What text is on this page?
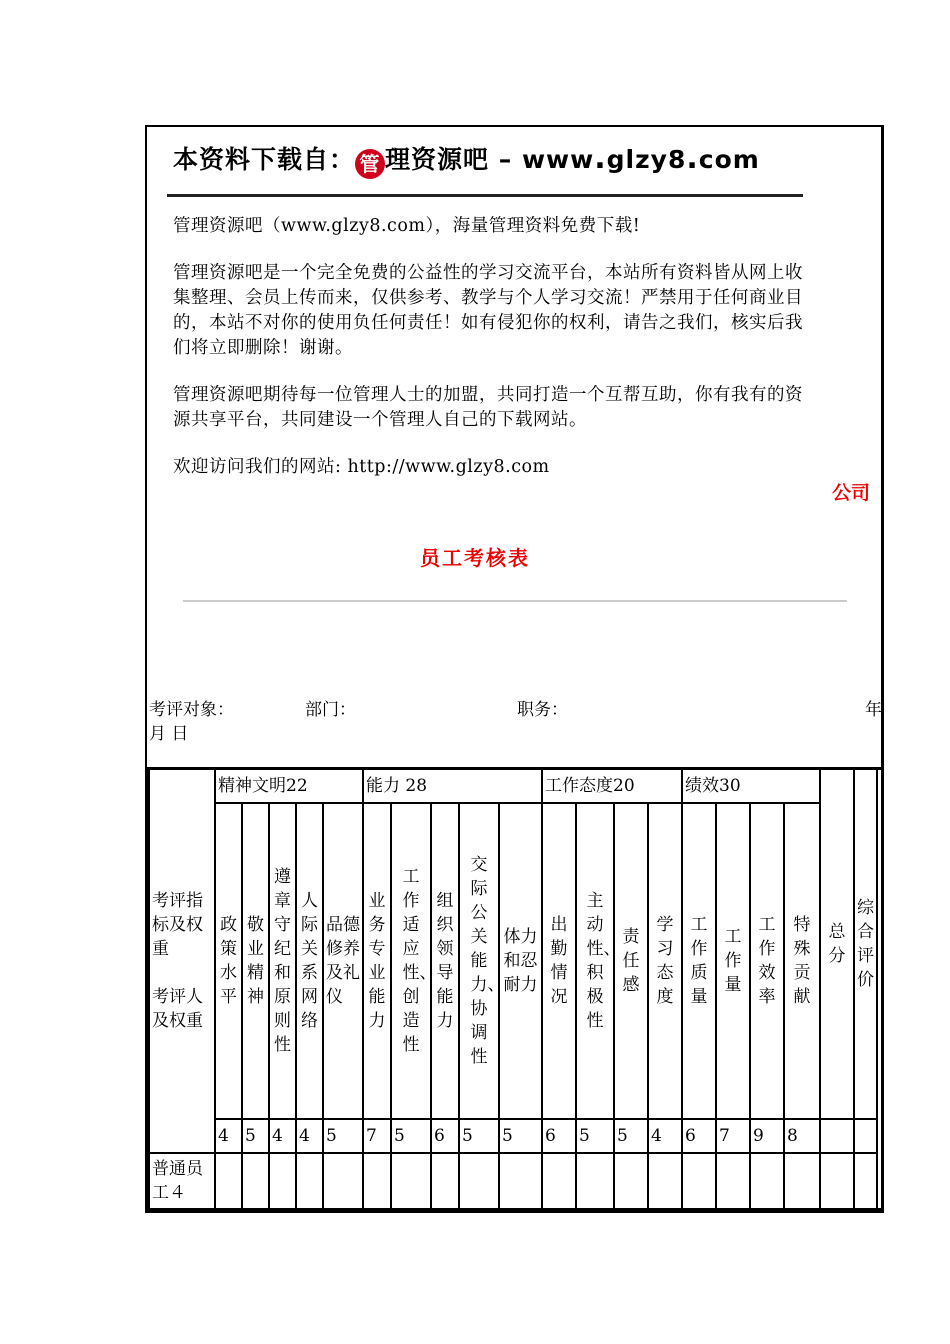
本资料下载自： 管 理资源吧 – www.glzy8.com

管理资源吧（www.glzy8.com），海量管理资料免费下载!

管理资源吧是一个完全免费的公益性的学习交流平台，本站所有资料皆从网上收集整理、会员上传而来，仅供参考、教学与个人学习交流！严禁用于任何商业目的，本站不对你的使用负任何责任！如有侵犯你的权利，请告之我们，核实后我们将立即删除！谢谢。

管理资源吧期待每一位管理人士的加盟，共同打造一个互帮互助，你有我有的资源共享平台，共同建设一个管理人自己的下载网站。

欢迎访问我们的网站: http://www.glzy8.com

公司
员工考核表
考评对象：	部门：	职务：	年
月 日
考评指标及权重
考评人及权重	精神文明22					能力 28					工作态度20				绩效30				总分	综合评价	

	政策水平	敬业精神	遵章守纪和原则性	人际关系网络	品德修养及礼仪	业务专业能力	工作适应性、创造性	组织领导能力	交际公关能力、协调性	体力和忍耐力	出勤情况	主动性、积极性	责任感	学习态度	工作质量	工作量	工作效率	特殊贡献			

	4	5	4	4	5	7	5	6	5	5	6	5	5	4	6	7	9	8			
普通员工４																					
